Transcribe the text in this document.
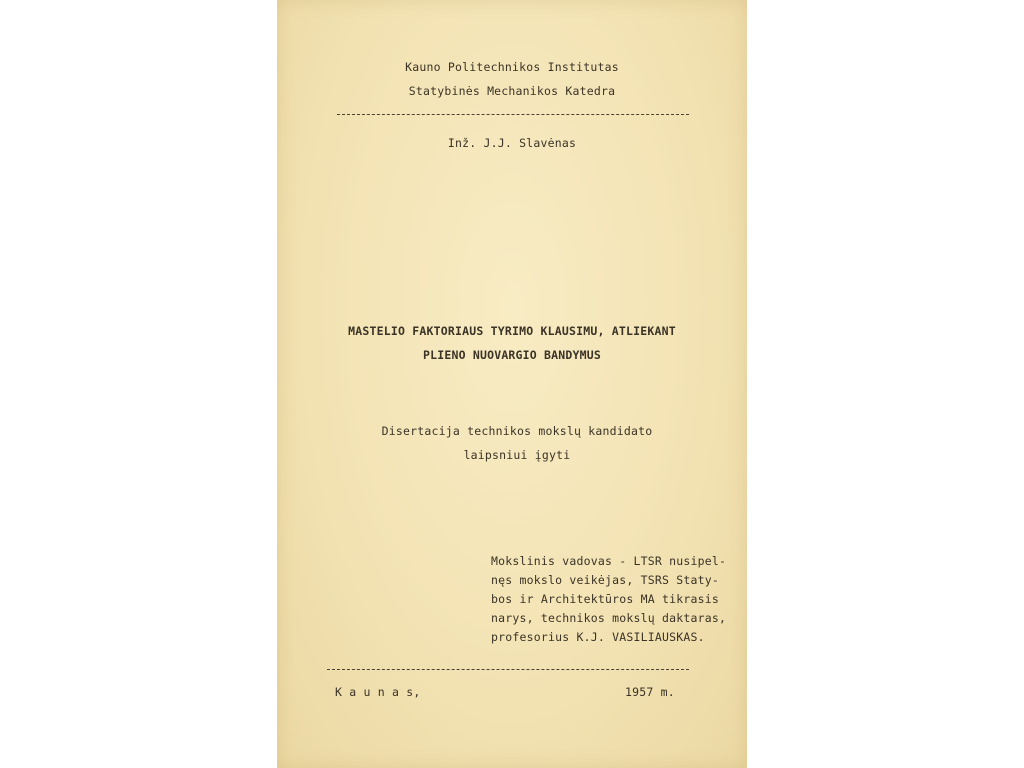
Kauno Politechnikos Institutas
Statybinės Mechanikos Katedra
Inž. J.J. Slavėnas
MASTELIO FAKTORIAUS TYRIMO KLAUSIMU, ATLIEKANT
PLIENO NUOVARGIO BANDYMUS
Disertacija technikos mokslų kandidato
laipsniui įgyti
Mokslinis vadovas - LTSR nusipel-
nęs mokslo veikėjas, TSRS Staty-
bos ir Architektūros MA tikrasis
narys, technikos mokslų daktaras,
profesorius K.J. VASILIAUSKAS.
K a u n a s,	1957 m.
